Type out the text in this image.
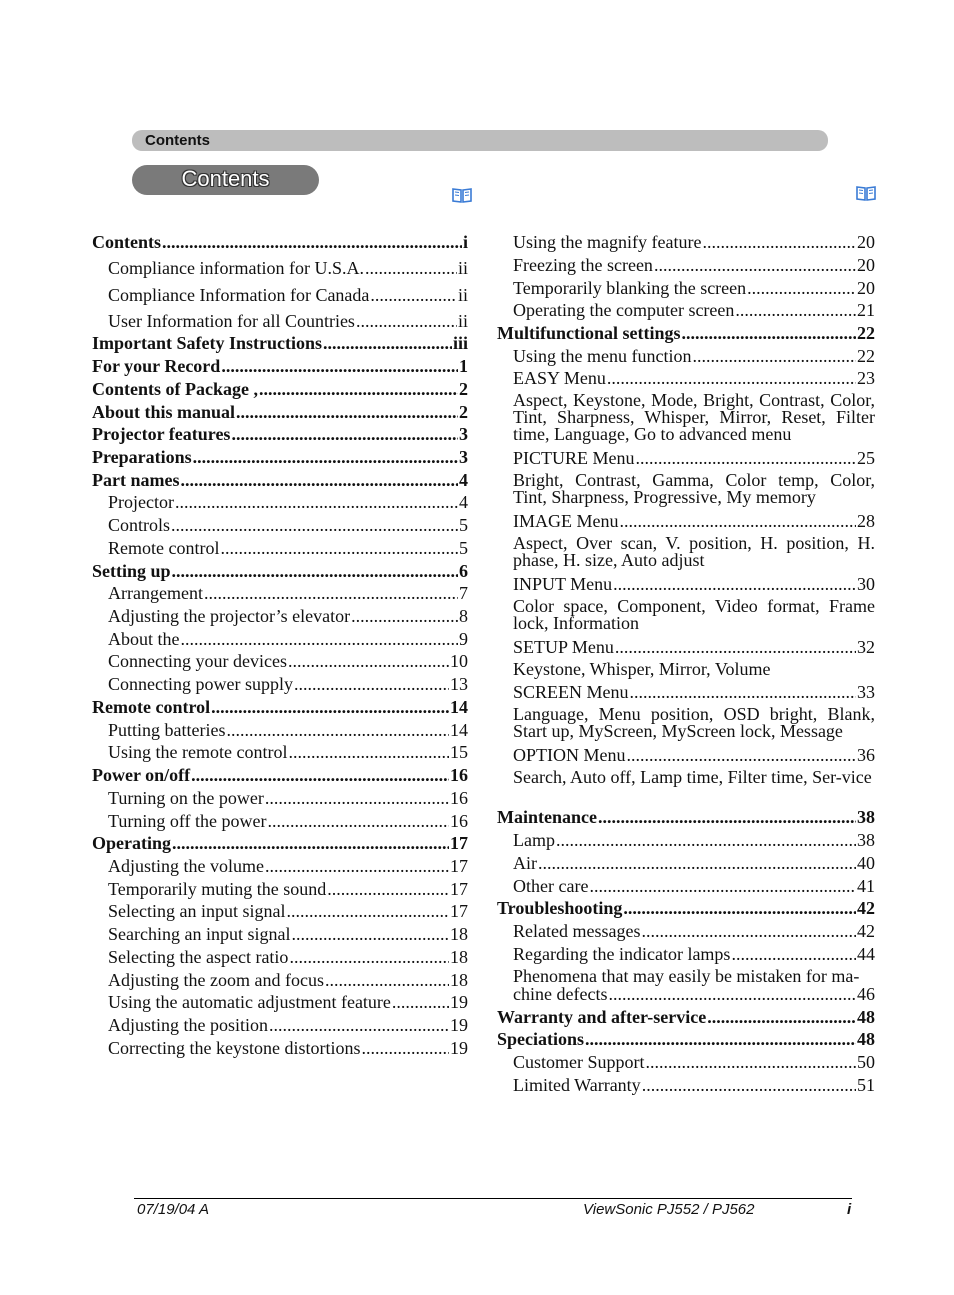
Contents
Contents
Contents .....	i
Compliance information for U.S.A. .....	ii
Compliance Information for Canada .....	ii
User Information for all Countries .....	ii
Important Safety Instructions .....	iii
For your Record .....	1
Contents of Package , .....	2
About this manual .....	2
Projector features .....	3
Preparations .....	3
Part names .....	4
Projector .....	4
Controls .....	5
Remote control .....	5
Setting up .....	6
Arrangement .....	7
Adjusting the projector’s elevator .....	8
About the .....	9
Connecting your devices .....	10
Connecting power supply .....	13
Remote control .....	14
Putting batteries .....	14
Using the remote control .....	15
Power on/off .....	16
Turning on the power .....	16
Turning off the power .....	16
Operating .....	17
Adjusting the volume .....	17
Temporarily muting the sound .....	17
Selecting an input signal .....	17
Searching an input signal .....	18
Selecting the aspect ratio .....	18
Adjusting the zoom and focus .....	18
Using the automatic adjustment feature .....	19
Adjusting the position .....	19
Correcting the keystone distortions .....	19
Using the magnify feature .....	20
Freezing the screen .....	20
Temporarily blanking the screen .....	20
Operating the computer screen .....	21
Multifunctional settings .....	22
Using the menu function .....	22
EASY Menu .....	23
Aspect, Keystone, Mode, Bright, Contrast, Color, Tint, Sharpness, Whisper, Mirror, Reset, Filter time, Language, Go to advanced menu
PICTURE Menu .....	25
Bright, Contrast, Gamma, Color temp, Color, Tint, Sharpness, Progressive, My memory
IMAGE Menu .....	28
Aspect, Over scan, V. position, H. position, H. phase, H. size, Auto adjust
INPUT Menu .....	30
Color space, Component, Video format, Frame lock, Information
SETUP Menu .....	32
Keystone, Whisper, Mirror, Volume
SCREEN Menu .....	33
Language, Menu position, OSD bright, Blank, Start up, MyScreen, MyScreen lock, Message
OPTION Menu .....	36
Search, Auto off, Lamp time, Filter time, Ser-vice
Maintenance .....	38
Lamp .....	38
Air .....	40
Other care .....	41
Troubleshooting .....	42
Related messages .....	42
Regarding the indicator lamps .....	44
Phenomena that may easily be mistaken for ma-
chine defects .....	46
Warranty and after-service .....	48
Speciations .....	48
Customer Support .....	50
Limited Warranty .....	51
07/19/04 A	ViewSonic PJ552 / PJ562	i
